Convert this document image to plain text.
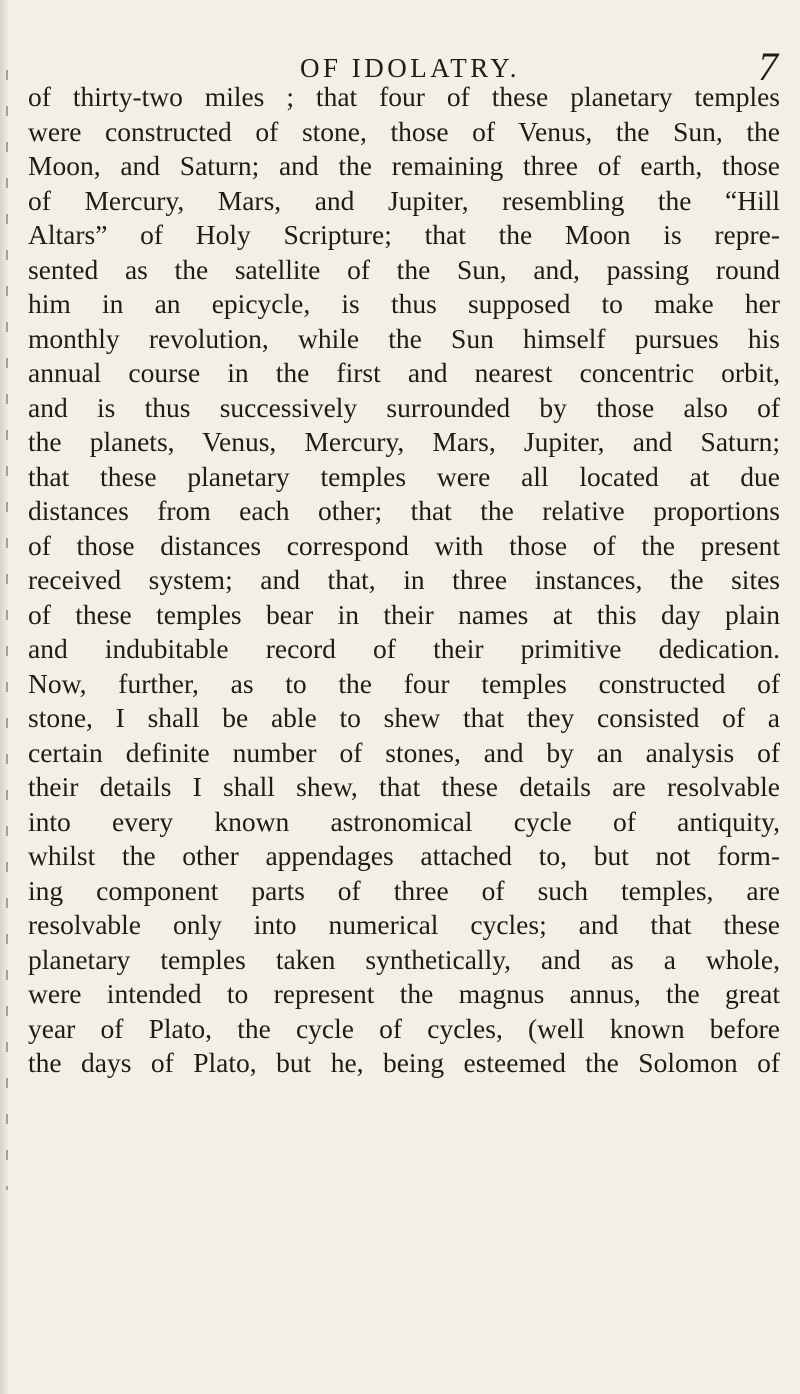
OF IDOLATRY.	7
of thirty-two miles ; that four of these planetary temples
were constructed of stone, those of Venus, the Sun, the
Moon, and Saturn; and the remaining three of earth, those
of Mercury, Mars, and Jupiter, resembling the “Hill
Altars” of Holy Scripture; that the Moon is repre-
sented as the satellite of the Sun, and, passing round
him in an epicycle, is thus supposed to make her
monthly revolution, while the Sun himself pursues his
annual course in the first and nearest concentric orbit,
and is thus successively surrounded by those also of
the planets, Venus, Mercury, Mars, Jupiter, and Saturn;
that these planetary temples were all located at due
distances from each other; that the relative proportions
of those distances correspond with those of the present
received system; and that, in three instances, the sites
of these temples bear in their names at this day plain
and indubitable record of their primitive dedication.
Now, further, as to the four temples constructed of
stone, I shall be able to shew that they consisted of a
certain definite number of stones, and by an analysis of
their details I shall shew, that these details are resolvable
into every known astronomical cycle of antiquity,
whilst the other appendages attached to, but not form-
ing component parts of three of such temples, are
resolvable only into numerical cycles; and that these
planetary temples taken synthetically, and as a whole,
were intended to represent the magnus annus, the great
year of Plato, the cycle of cycles, (well known before
the days of Plato, but he, being esteemed the Solomon of
